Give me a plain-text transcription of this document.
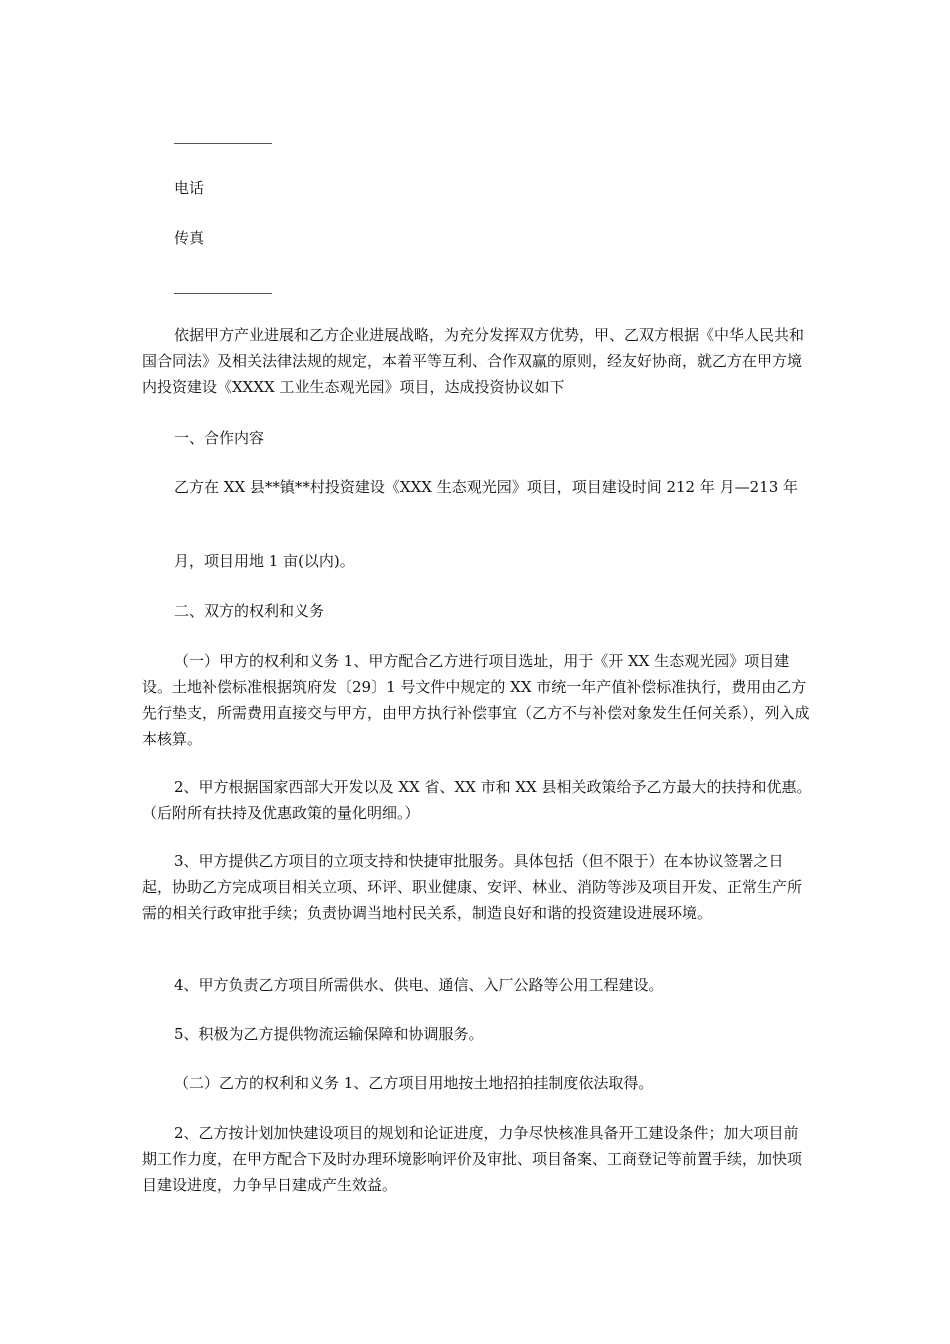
电话

传真

依据甲方产业进展和乙方企业进展战略，为充分发挥双方优势，甲、乙双方根据《中华人民共和国合同法》及相关法律法规的规定，本着平等互利、合作双赢的原则，经友好协商，就乙方在甲方境内投资建设《XXXX 工业生态观光园》项目，达成投资协议如下

一、合作内容

乙方在 XX 县**镇**村投资建设《XXX 生态观光园》项目，项目建设时间 212 年 月—213 年

月，项目用地 1 亩(以内)。

二、双方的权利和义务

（一）甲方的权利和义务 1、甲方配合乙方进行项目选址，用于《开 XX 生态观光园》项目建设。土地补偿标准根据筑府发〔29〕1 号文件中规定的 XX 市统一年产值补偿标准执行，费用由乙方先行垫支，所需费用直接交与甲方，由甲方执行补偿事宜（乙方不与补偿对象发生任何关系），列入成本核算。

2、甲方根据国家西部大开发以及 XX 省、XX 市和 XX 县相关政策给予乙方最大的扶持和优惠。（后附所有扶持及优惠政策的量化明细。）

3、甲方提供乙方项目的立项支持和快捷审批服务。具体包括（但不限于）在本协议签署之日起，协助乙方完成项目相关立项、环评、职业健康、安评、林业、消防等涉及项目开发、正常生产所需的相关行政审批手续；负责协调当地村民关系，制造良好和谐的投资建设进展环境。

4、甲方负责乙方项目所需供水、供电、通信、入厂公路等公用工程建设。

5、积极为乙方提供物流运输保障和协调服务。

（二）乙方的权利和义务 1、乙方项目用地按土地招拍挂制度依法取得。

2、乙方按计划加快建设项目的规划和论证进度，力争尽快核准具备开工建设条件；加大项目前期工作力度，在甲方配合下及时办理环境影响评价及审批、项目备案、工商登记等前置手续，加快项目建设进度，力争早日建成产生效益。
